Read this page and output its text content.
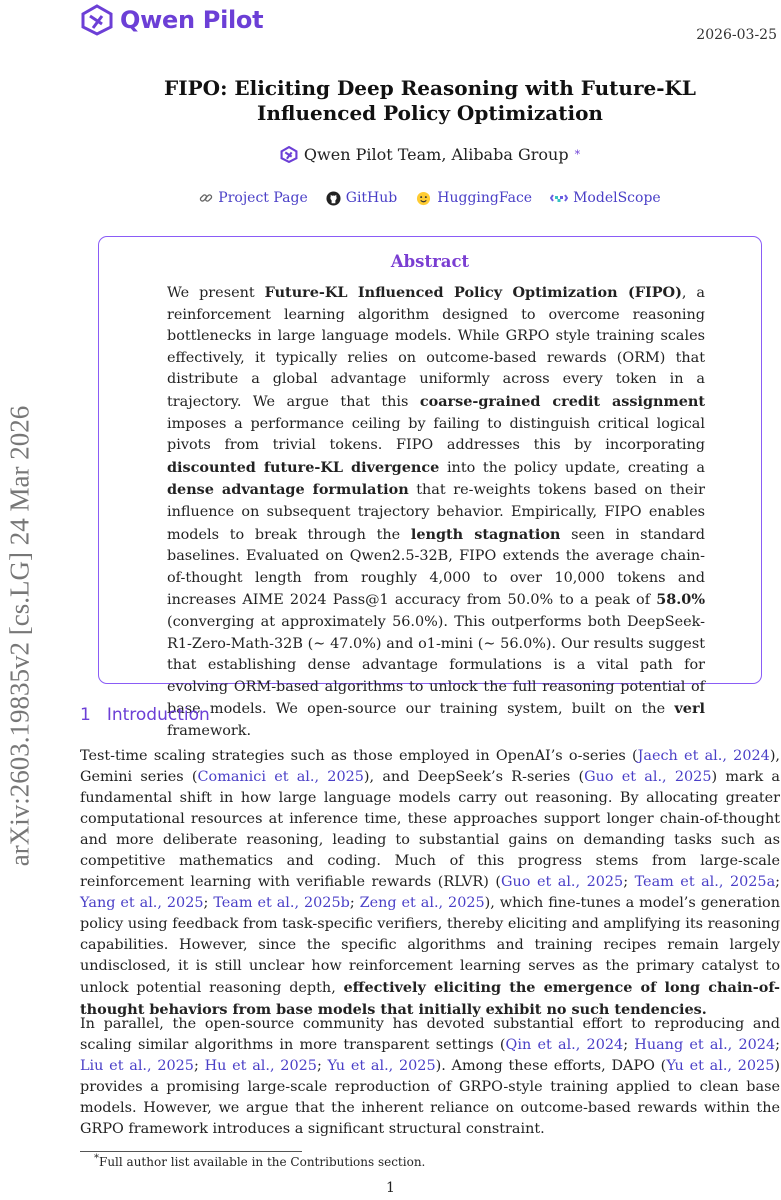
Qwen Pilot
2026-03-25
arXiv:2603.19835v2 [cs.LG] 24 Mar 2026
FIPO: Eliciting Deep Reasoning with Future-KL
Influenced Policy Optimization
Qwen Pilot Team, Alibaba Group *
Project Page	GitHub	HuggingFace	ModelScope
Abstract
We present Future-KL Influenced Policy Optimization (FIPO), a reinforcement learning algorithm designed to overcome reasoning bottlenecks in large language models. While GRPO style training scales effectively, it typically relies on outcome-based rewards (ORM) that distribute a global advantage uniformly across every token in a trajectory. We argue that this coarse-grained credit assignment imposes a performance ceiling by failing to distinguish critical logical pivots from trivial tokens. FIPO addresses this by incorporating discounted future-KL divergence into the policy update, creating a dense advantage formulation that re-weights tokens based on their influence on subsequent trajectory behavior. Empirically, FIPO enables models to break through the length stagnation seen in standard baselines. Evaluated on Qwen2.5-32B, FIPO extends the average chain-of-thought length from roughly 4,000 to over 10,000 tokens and increases AIME 2024 Pass@1 accuracy from 50.0% to a peak of 58.0% (converging at approximately 56.0%). This outperforms both DeepSeek-R1-Zero-Math-32B (∼ 47.0%) and o1-mini (∼ 56.0%). Our results suggest that establishing dense advantage formulations is a vital path for evolving ORM-based algorithms to unlock the full reasoning potential of base models. We open-source our training system, built on the verl framework.
1 Introduction
Test-time scaling strategies such as those employed in OpenAI’s o-series (Jaech et al., 2024), Gemini series (Comanici et al., 2025), and DeepSeek’s R-series (Guo et al., 2025) mark a fundamental shift in how large language models carry out reasoning. By allocating greater computational resources at inference time, these approaches support longer chain-of-thought and more deliberate reasoning, leading to substantial gains on demanding tasks such as competitive mathematics and coding. Much of this progress stems from large-scale reinforcement learning with verifiable rewards (RLVR) (Guo et al., 2025; Team et al., 2025a; Yang et al., 2025; Team et al., 2025b; Zeng et al., 2025), which fine-tunes a model’s generation policy using feedback from task-specific verifiers, thereby eliciting and amplifying its reasoning capabilities. However, since the specific algorithms and training recipes remain largely undisclosed, it is still unclear how reinforcement learning serves as the primary catalyst to unlock potential reasoning depth, effectively eliciting the emergence of long chain-of-thought behaviors from base models that initially exhibit no such tendencies.
In parallel, the open-source community has devoted substantial effort to reproducing and scaling similar algorithms in more transparent settings (Qin et al., 2024; Huang et al., 2024; Liu et al., 2025; Hu et al., 2025; Yu et al., 2025). Among these efforts, DAPO (Yu et al., 2025) provides a promising large-scale reproduction of GRPO-style training applied to clean base models. However, we argue that the inherent reliance on outcome-based rewards within the GRPO framework introduces a significant structural constraint.
*Full author list available in the Contributions section.
1
